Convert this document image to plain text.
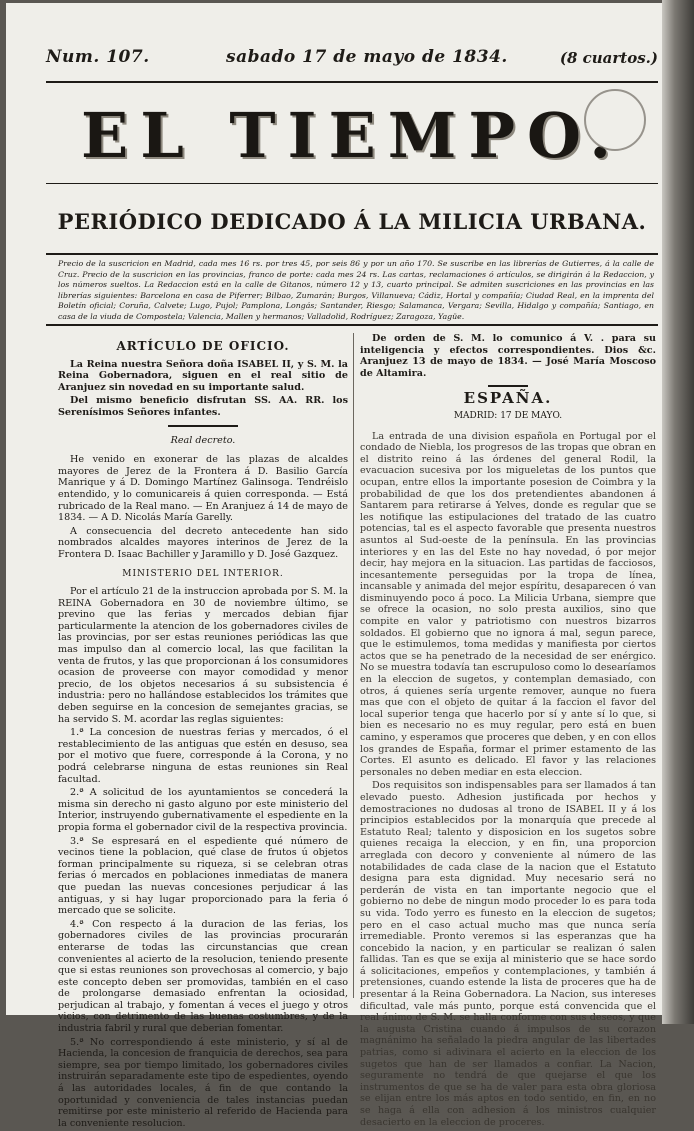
Num. 107.	sabado 17 de mayo de 1834.	(8 cuartos.)
EL TIEMPO.
PERIÓDICO DEDICADO Á LA MILICIA URBANA.
Precio de la suscricion en Madrid, cada mes 16 rs. por tres 45, por seis 86 y por un año 170. Se suscribe en las librerías de Gutierres, á la calle de Cruz. Precio de la suscricion en las provincias, franco de porte: cada mes 24 rs. Las cartas, reclamaciones ó artículos, se dirigirán á la Redaccion, y los números sueltos. La Redaccion está en la calle de Gitanos, número 12 y 13, cuarto principal. Se admiten suscriciones en las provincias en las librerías siguientes: Barcelona en casa de Piferrer; Bilbao, Zumarán; Burgos, Villanueva; Cádiz, Hortal y compañía; Ciudad Real, en la imprenta del Boletín oficial; Coruña, Calvete; Lugo, Pujol; Pamplona, Longás; Santander, Riesgo; Salamanca, Vergara; Sevilla, Hidalgo y compañía; Santiago, en casa de la viuda de Compostela; Valencia, Mallen y hermanos; Valladolid, Rodríguez; Zaragoza, Yagüe.
ARTÍCULO DE OFICIO.

La Reina nuestra Señora doña ISABEL II, y S. M. la Reina Gobernadora, siguen en el real sitio de Aranjuez sin novedad en su importante salud.

Del mismo beneficio disfrutan SS. AA. RR. los Serenísimos Señores infantes.

Real decreto.

He venido en exonerar de las plazas de alcaldes mayores de Jerez de la Frontera á D. Basilio García Manrique y á D. Domingo Martínez Galinsoga. Tendréislo entendido, y lo comunicareis á quien corresponda. — Está rubricado de la Real mano. — En Aranjuez á 14 de mayo de 1834. — A D. Nicolás María Garelly.

A consecuencia del decreto antecedente han sido nombrados alcaldes mayores interinos de Jerez de la Frontera D. Isaac Bachiller y Jaramillo y D. José Gazquez.

MINISTERIO DEL INTERIOR.

Por el artículo 21 de la instruccion aprobada por S. M. la REINA Gobernadora en 30 de noviembre último, se previno que las ferias y mercados debian fijar particularmente la atencion de los gobernadores civiles de las provincias, por ser estas reuniones periódicas las que mas impulso dan al comercio local, las que facilitan la venta de frutos, y las que proporcionan á los consumidores ocasion de proveerse con mayor comodidad y menor precio, de los objetos necesarios á su subsistencia é industria: pero no hallándose establecidos los trámites que deben seguirse en la concesion de semejantes gracias, se ha servido S. M. acordar las reglas siguientes:

1.ª La concesion de nuestras ferias y mercados, ó el restablecimiento de las antiguas que estén en desuso, sea por el motivo que fuere, corresponde á la Corona, y no podrá celebrarse ninguna de estas reuniones sin Real facultad.

2.ª A solicitud de los ayuntamientos se concederá la misma sin derecho ni gasto alguno por este ministerio del Interior, instruyendo gubernativamente el espediente en la propia forma el gobernador civil de la respectiva provincia.

3.ª Se espresará en el espediente qué número de vecinos tiene la poblacion, qué clase de frutos ú objetos forman principalmente su riqueza, si se celebran otras ferias ó mercados en poblaciones inmediatas de manera que puedan las nuevas concesiones perjudicar á las antiguas, y si hay lugar proporcionado para la feria ó mercado que se solicite.

4.ª Con respecto á la duracion de las ferias, los gobernadores civiles de las provincias procurarán enterarse de todas las circunstancias que crean convenientes al acierto de la resolucion, teniendo presente que si estas reuniones son provechosas al comercio, y bajo este concepto deben ser promovidas, también en el caso de prolongarse demasiado enfrentan la ociosidad, perjudican al trabajo, y fomentan á veces el juego y otros vicios, con detrimento de las buenas costumbres, y de la industria fabril y rural que deberian fomentar.

5.ª No correspondiendo á este ministerio, y sí al de Hacienda, la concesion de franquicia de derechos, sea para siempre, sea por tiempo limitado, los gobernadores civiles instruirán separadamente este tipo de espedientes, oyendo á las autoridades locales, á fin de que contando la oportunidad y conveniencia de tales instancias puedan remitirse por este ministerio al referido de Hacienda para la conveniente resolucion.

De orden de S. M. lo comunico á V. . para su inteligencia y efectos correspondientes. Dios &c. Aranjuez 13 de mayo de 1834. — José María Moscoso de Altamira.

ESPAÑA.
MADRID: 17 DE MAYO.

La entrada de una division española en Portugal por el condado de Niebla, los progresos de las tropas que obran en el distrito reino á las órdenes del general Rodil, la evacuacion sucesiva por los migueletas de los puntos que ocupan, entre ellos la importante posesion de Coimbra y la probabilidad de que los dos pretendientes abandonen á Santarem para retirarse á Yelves, donde es regular que se les notifique las estipulaciones del tratado de las cuatro potencias, tal es el aspecto favorable que presenta nuestros asuntos al Sud-oeste de la península. En las provincias interiores y en las del Este no hay novedad, ó por mejor decir, hay mejora en la situacion. Las partidas de facciosos, incesantemente perseguidas por la tropa de línea, incansable y animada del mejor espíritu, desaparecen ó van disminuyendo poco á poco. La Milicia Urbana, siempre que se ofrece la ocasion, no solo presta auxilios, sino que compite en valor y patriotismo con nuestros bizarros soldados. El gobierno que no ignora á mal, segun parece, que le estimulemos, toma medidas y manifiesta por ciertos actos que se ha penetrado de la necesidad de ser enérgico. No se muestra todavía tan escrupuloso como lo desearíamos en la eleccion de sugetos, y contemplan demasiado, con otros, á quienes sería urgente remover, aunque no fuera mas que con el objeto de quitar á la faccion el favor del local superior tenga que hacerlo por sí y ante sí lo que, si bien es necesario no es muy regular, pero está en buen camino, y esperamos que proceres que deben, y en con ellos los grandes de España, formar el primer estamento de las Cortes. El asunto es delicado. El favor y las relaciones personales no deben mediar en esta eleccion.

Dos requisitos son indispensables para ser llamados á tan elevado puesto. Adhesion justificada por hechos y demostraciones no dudosas al trono de ISABEL II y á los principios establecidos por la monarquía que precede al Estatuto Real; talento y disposicion en los sugetos sobre quienes recaiga la eleccion, y en fin, una proporcion arreglada con decoro y conveniente al número de las notabilidades de cada clase de la nacion que el Estatuto designa para esta dignidad. Muy necesario será no perderán de vista en tan importante negocio que el gobierno no debe de ningun modo proceder lo es para toda su vida. Todo yerro es funesto en la eleccion de sugetos; pero en el caso actual mucho mas que nunca sería irremediable. Pronto veremos si las esperanzas que ha concebido la nacion, y en particular se realizan ó salen fallidas. Tan es que se exija al ministerio que se hace sordo á solicitaciones, empeños y contemplaciones, y también á pretensiones, cuando estende la lista de proceres que ha de presentar á la Reina Gobernadora. La Nacion, sus intereses dificultad, vale más punto, porque está convencida que el real ánimo de S. M. se halla conforme con sus deseos, y que la augusta Cristina cuando á impulsos de su corazon magnánimo ha señalado la piedra angular de las libertades patrias, como si adivinara el acierto en la eleccion de los sugetos que han de ser llamados a confiar. La Nacion, seguramente no tendrá de que quejarse el que los instrumentos de que se ha de valer para esta obra gloriosa se elijan entre los más aptos en todo sentido, en fin, en no se haga á ella con adhesion á los ministros cualquier desacierto en la eleccion de proceres.
